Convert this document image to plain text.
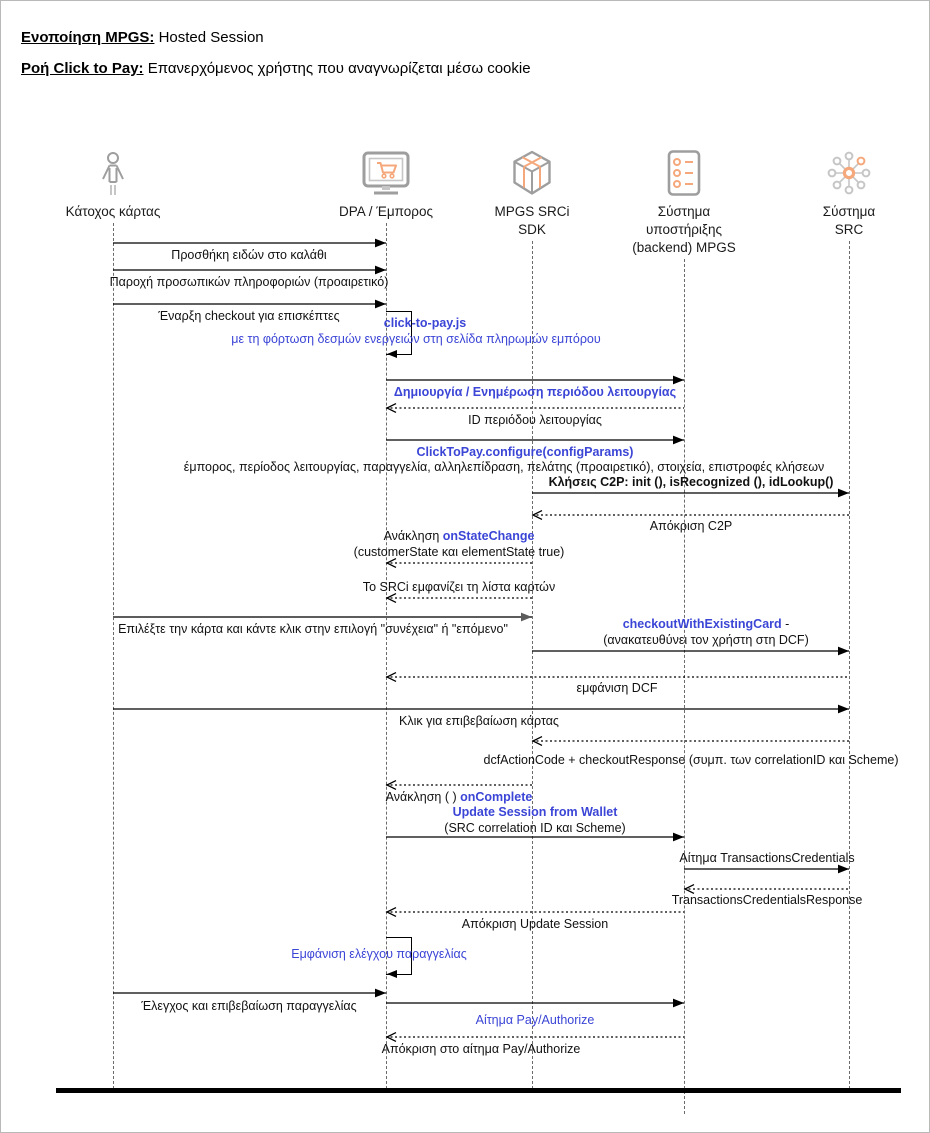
Ενοποίηση MPGS: Hosted Session
Ροή Click to Pay: Επανερχόμενος χρήστης που αναγνωρίζεται μέσω cookie
Κάτοχος κάρτας	DPA / Έμπορος	MPGS SRCi
SDK
Σύστημα
υποστήριξης
(backend) MPGS
Σύστημα
SRC
Προσθήκη ειδών στο καλάθι
Παροχή προσωπικών πληροφοριών (προαιρετικό)
Έναρξη checkout για επισκέπτες	click-to-pay.js
με τη φόρτωση δεσμών ενεργειών στη σελίδα πληρωμών εμπόρου
Δημιουργία / Ενημέρωση περιόδου λειτουργίας
ID περιόδου λειτουργίας
ClickToPay.configure(configParams)
έμπορος, περίοδος λειτουργίας, παραγγελία, αλληλεπίδραση, πελάτης (προαιρετικό), στοιχεία, επιστροφές κλήσεων
Κλήσεις C2P: init (), isRecognized (), idLookup()
Απόκριση C2P
Ανάκληση onStateChange
(customerState και elementState true)
Το SRCi εμφανίζει τη λίστα καρτών
Επιλέξτε την κάρτα και κάντε κλικ στην επιλογή "συνέχεια" ή "επόμενο"	checkoutWithExistingCard -
(ανακατευθύνει τον χρήστη στη DCF)
εμφάνιση DCF
Κλικ για επιβεβαίωση κάρτας
dcfActionCode + checkoutResponse (συμπ. των correlationID και Scheme)
Ανάκληση ( ) onComplete
Update Session from Wallet
(SRC correlation ID και Scheme)
Αίτημα TransactionsCredentials
TransactionsCredentialsResponse
Απόκριση Update Session
Εμφάνιση ελέγχου παραγγελίας
Έλεγχος και επιβεβαίωση παραγγελίας
Αίτημα Pay/Authorize
Απόκριση στο αίτημα Pay/Authorize
